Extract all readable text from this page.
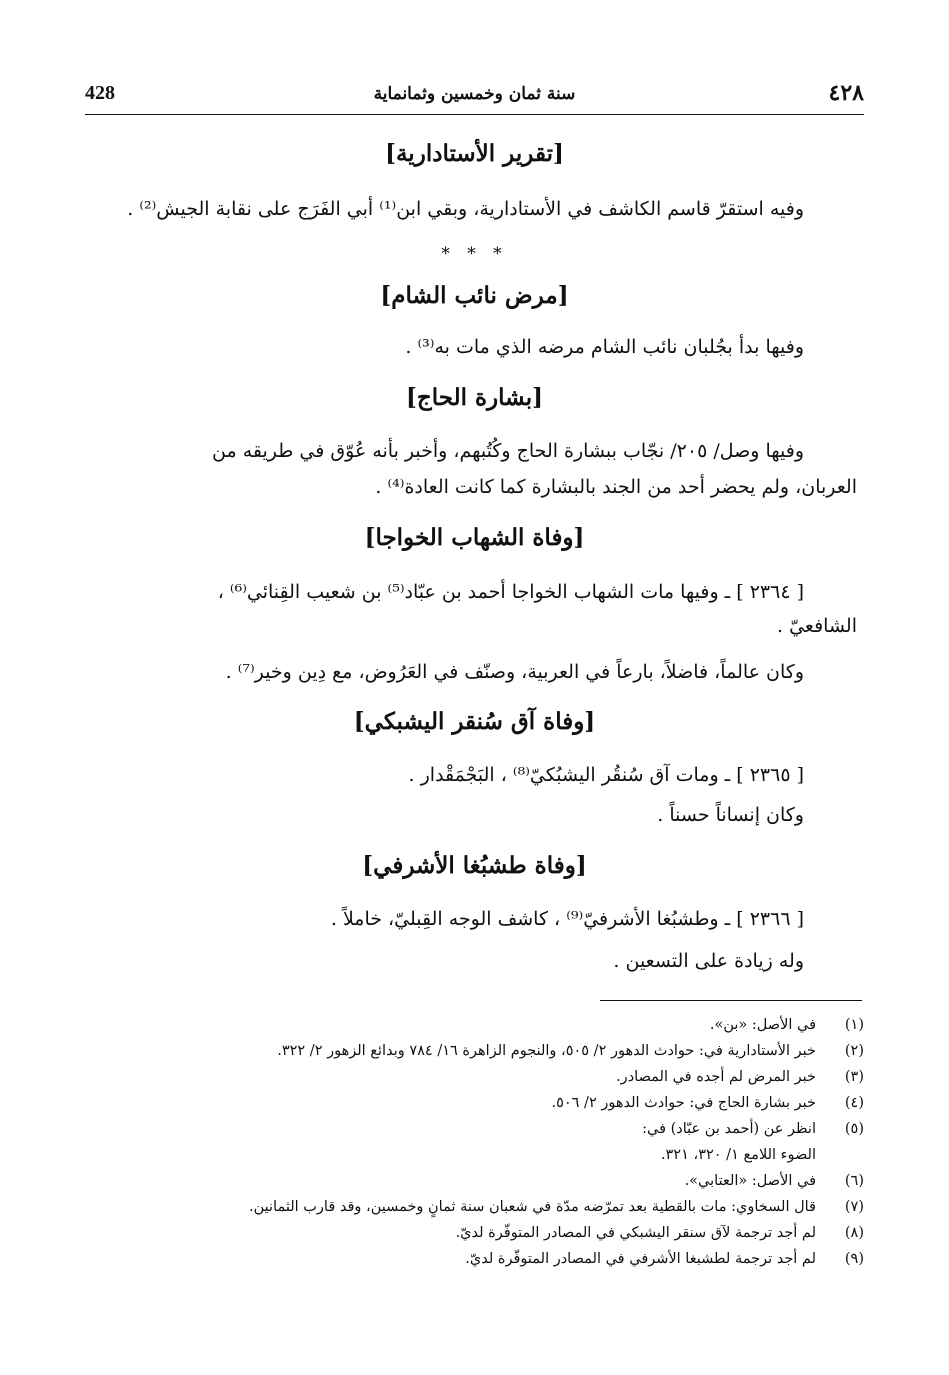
٤٢٨
سنة ثمان وخمسين وثمانماية
428
[تقرير الأستادارية]
وفيه استقرّ قاسم الكاشف في الأستادارية، وبقي ابن⁽¹⁾ أبي الفَرَج على نقابة الجيش⁽²⁾ .
* * *
[مرض نائب الشام]
وفيها بدأ بجُلبان نائب الشام مرضه الذي مات به⁽³⁾ .
[بشارة الحاج]
وفيها وصل/ ٢٠٥/ نجّاب ببشارة الحاج وكُتُبهم، وأخبر بأنه عُوّق في طريقه من
العربان، ولم يحضر أحد من الجند بالبشارة كما كانت العادة⁽⁴⁾ .
[وفاة الشهاب الخواجا]
[ ٢٣٦٤ ] ـ وفيها مات الشهاب الخواجا أحمد بن عبّاد⁽⁵⁾ بن شعيب القِنائي⁽⁶⁾ ،
الشافعيّ .
وكان عالماً، فاضلاً، بارعاً في العربية، وصنّف في العَرُوض، مع دِين وخير⁽⁷⁾ .
[وفاة آق سُنقر اليشبكي]
[ ٢٣٦٥ ] ـ ومات آق سُنقُر اليشبُكيّ⁽⁸⁾ ، البَجْمَقْدار .
وكان إنساناً حسناً .
[وفاة طشبُغا الأشرفي]
[ ٢٣٦٦ ] ـ وطشبُغا الأشرفيّ⁽⁹⁾ ، كاشف الوجه القِبليّ، خاملاً .
وله زيادة على التسعين .
(١)
في الأصل: «بن».
(٢)
خبر الأستادارية في: حوادث الدهور ٢/ ٥٠٥، والنجوم الزاهرة ١٦/ ٧٨٤ وبدائع الزهور ٢/ ٣٢٢.
(٣)
خبر المرض لم أجده في المصادر.
(٤)
خبر بشارة الحاج في: حوادث الدهور ٢/ ٥٠٦.
(٥)
انظر عن (أحمد بن عبّاد) في:
الضوء اللامع ١/ ٣٢٠، ٣٢١.
(٦)
في الأصل: «العتابي».
(٧)
قال السخاوي: مات بالقطية بعد تمرّضه مدّة في شعبان سنة ثمانٍ وخمسين، وقد قارب الثمانين.
(٨)
لم أجد ترجمة لآق سنقر اليشبكي في المصادر المتوفّرة لديّ.
(٩)
لم أجد ترجمة لطشبغا الأشرفي في المصادر المتوفّرة لديّ.
